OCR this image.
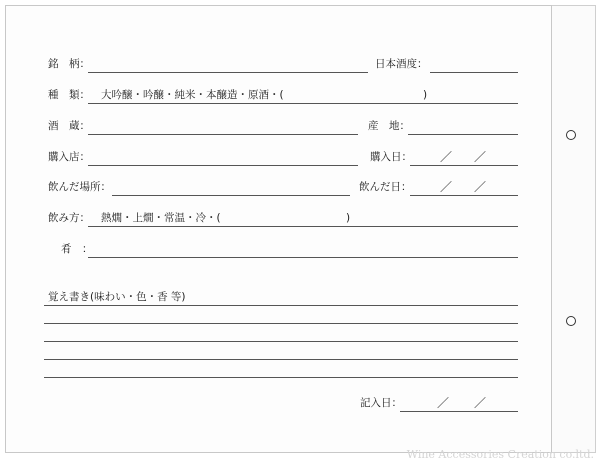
銘　柄：	日本酒度：
種　類： 大吟醸・吟醸・純米・本醸造・原酒・(	)
酒　蔵：	産　地：
購入店：	購入日： ／ ／
飲んだ場所：	飲んだ日： ／ ／
飲み方： 熱燗・上燗・常温・冷・(	)
肴　：
覚え書き(味わい・色・香 等)
記入日：	／ ／
Wine Accessories Creation co.ltd.
